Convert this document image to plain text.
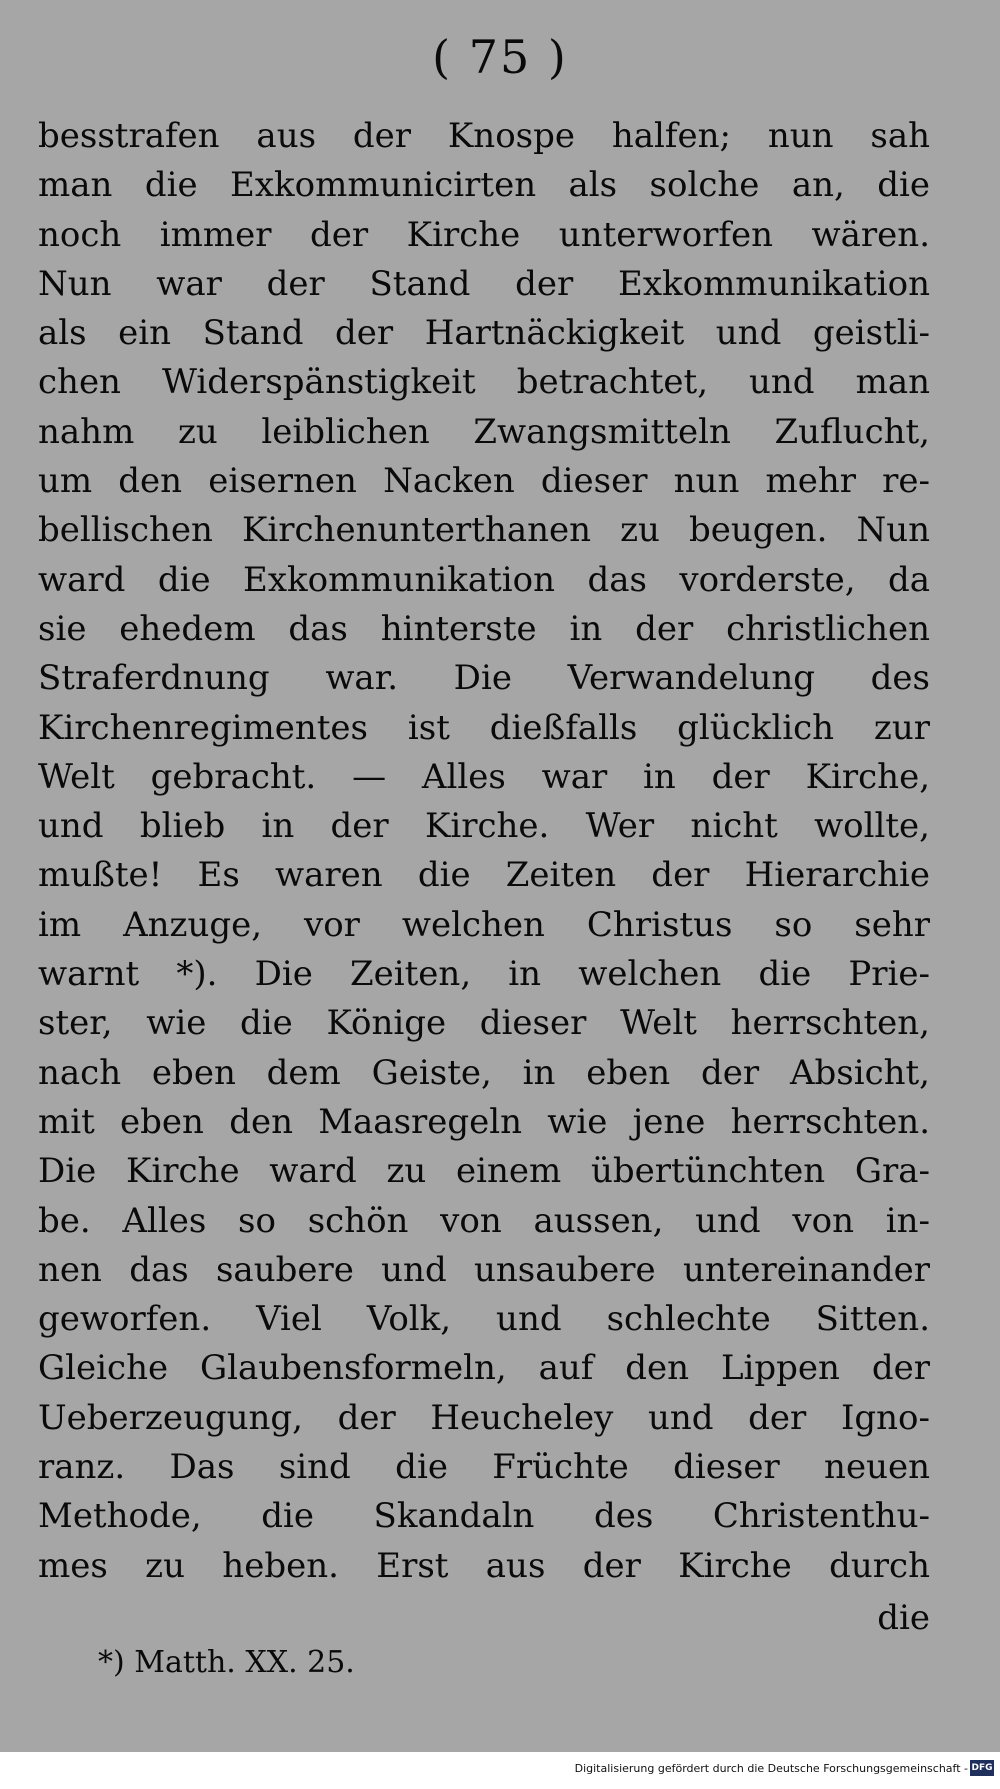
( 75 )
besstrafen aus der Knospe halfen; nun sah
man die Exkommunicirten als solche an, die
noch immer der Kirche unterworfen wären.
Nun war der Stand der Exkommunikation
als ein Stand der Hartnäckigkeit und geistli-
chen Widerspänstigkeit betrachtet, und man
nahm zu leiblichen Zwangsmitteln Zuflucht,
um den eisernen Nacken dieser nun mehr re-
bellischen Kirchenunterthanen zu beugen. Nun
ward die Exkommunikation das vorderste, da
sie ehedem das hinterste in der christlichen
Straferdnung war. Die Verwandelung des
Kirchenregimentes ist dießfalls glücklich zur
Welt gebracht. — Alles war in der Kirche,
und blieb in der Kirche. Wer nicht wollte,
mußte! Es waren die Zeiten der Hierarchie
im Anzuge, vor welchen Christus so sehr
warnt *). Die Zeiten, in welchen die Prie-
ster, wie die Könige dieser Welt herrschten,
nach eben dem Geiste, in eben der Absicht,
mit eben den Maasregeln wie jene herrschten.
Die Kirche ward zu einem übertünchten Gra-
be. Alles so schön von aussen, und von in-
nen das saubere und unsaubere untereinander
geworfen. Viel Volk, und schlechte Sitten.
Gleiche Glaubensformeln, auf den Lippen der
Ueberzeugung, der Heucheley und der Igno-
ranz. Das sind die Früchte dieser neuen
Methode, die Skandaln des Christenthu-
mes zu heben. Erst aus der Kirche durch
die
*) Matth. XX. 25.
Digitalisierung gefördert durch die Deutsche Forschungsgemeinschaft - DFG
